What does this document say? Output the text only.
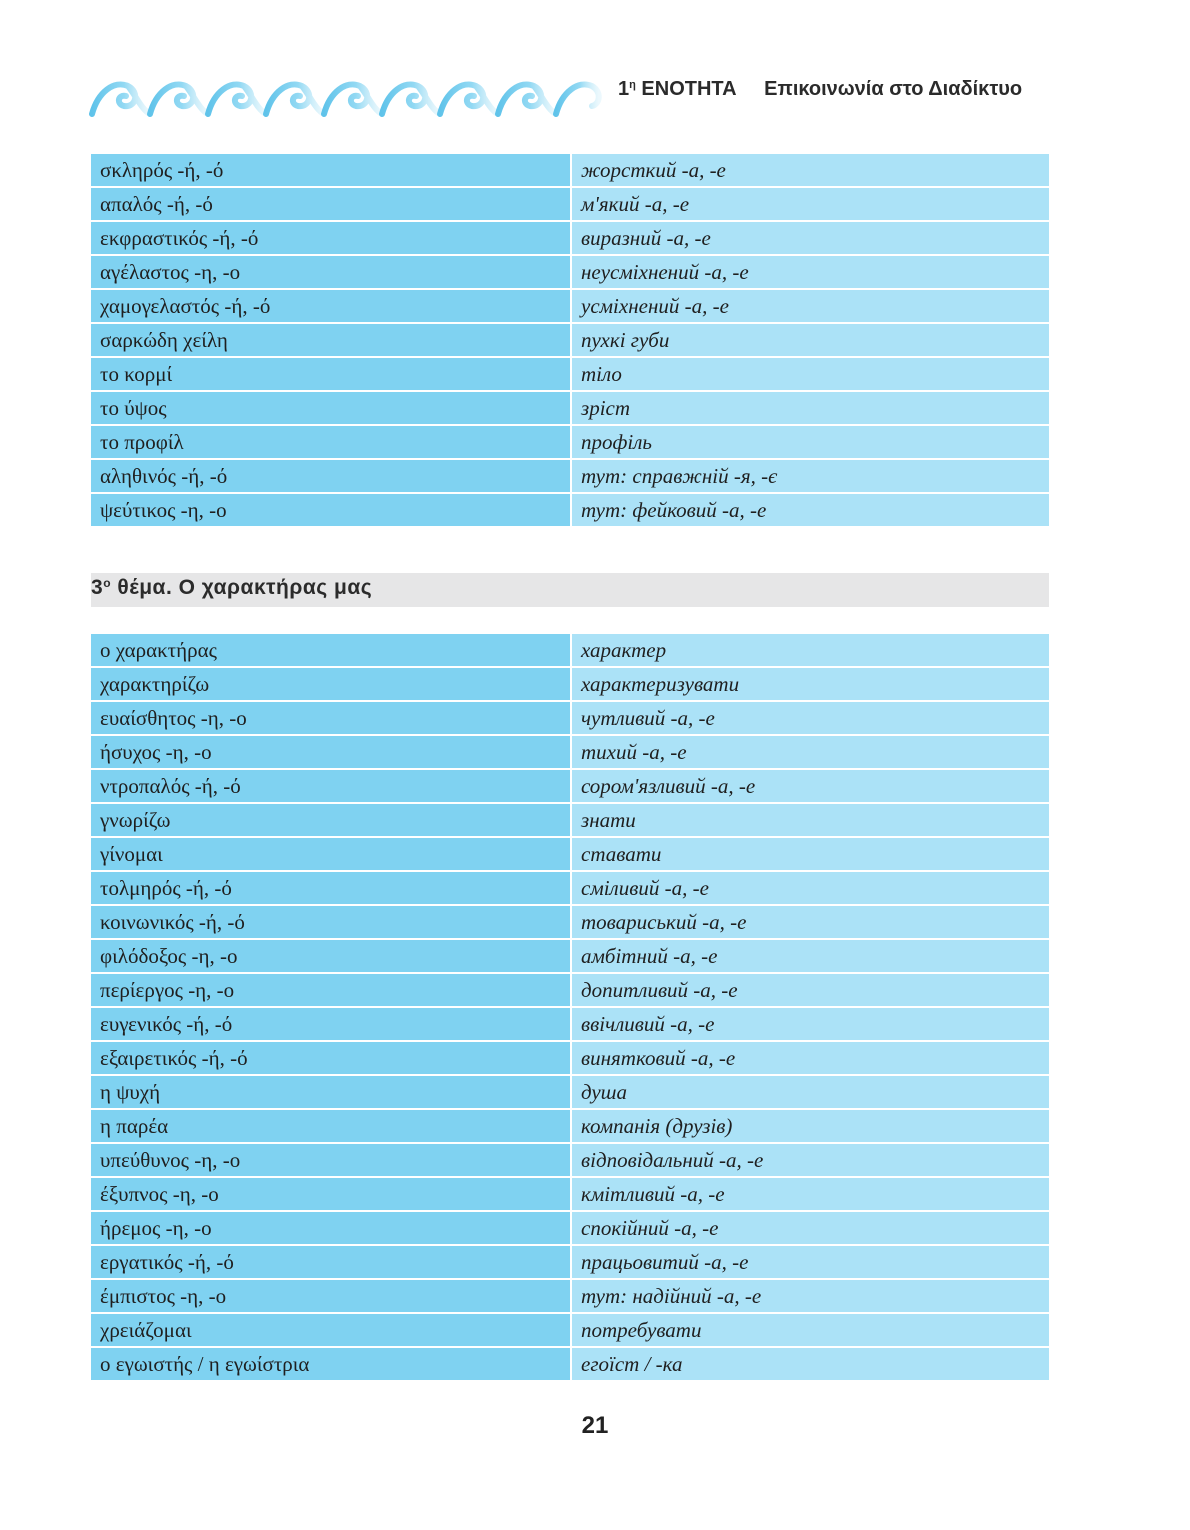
$1^\eta$ ΕΝΟΤΗΤΑ Επικοινωνία στο Διαδίκτυο
σκληρός -ή, -ό	жорсткий -а, -е
απαλός -ή, -ό	м'який -а, -е
εκφραστικός -ή, -ό	виразний -а, -е
αγέλαστος -η, -ο	неусміхнений -а, -е
χαμογελαστός -ή, -ό	усміхнений -а, -е
σαρκώδη χείλη	пухкі губи
το κορμί	тіло
το ύψος	зріст
το προφίλ	профіль
αληθινός -ή, -ό	тут: справжній -я, -є
ψεύτικος -η, -ο	тут: фейковий -а, -е
$3^o$ θέμα. Ο χαρακτήρας μας
ο χαρακτήρας	характер
χαρακτηρίζω	характеризувати
ευαίσθητος -η, -ο	чутливий -а, -е
ήσυχος -η, -ο	тихий -а, -е
ντροπαλός -ή, -ό	сором'язливий -а, -е
γνωρίζω	знати
γίνομαι	ставати
τολμηρός -ή, -ό	сміливий -а, -е
κοινωνικός -ή, -ό	товариський -а, -е
φιλόδοξος -η, -ο	амбітний -а, -е
περίεργος -η, -ο	допитливий -а, -е
ευγενικός -ή, -ό	ввічливий -а, -е
εξαιρετικός -ή, -ό	винятковий -а, -е
η ψυχή	душа
η παρέα	компанія (друзів)
υπεύθυνος -η, -ο	відповідальний -а, -е
έξυπνος -η, -ο	кмітливий -а, -е
ήρεμος -η, -ο	спокійний -а, -е
εργατικός -ή, -ό	працьовитий -а, -е
έμπιστος -η, -ο	тут: надійний -а, -е
χρειάζομαι	потребувати
ο εγωιστής / η εγωίστρια	егоїст / -ка
21
